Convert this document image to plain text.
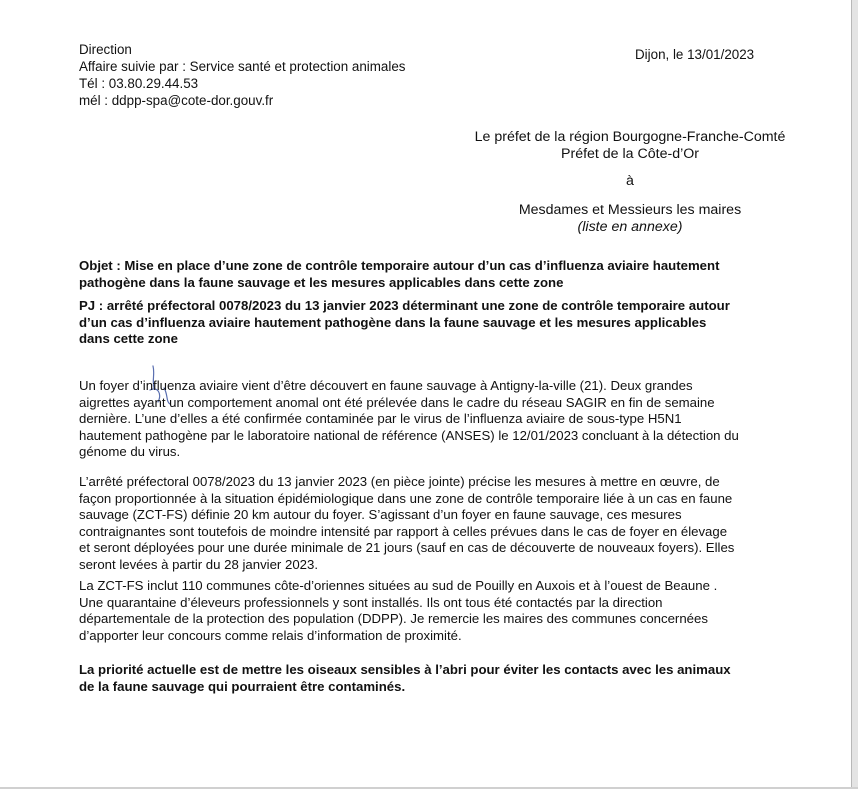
Direction
Affaire suivie par : Service santé et protection animales
Tél : 03.80.29.44.53
mél : ddpp-spa@cote-dor.gouv.fr
Dijon, le 13/01/2023
Le préfet de la région Bourgogne-Franche-Comté
Préfet de la Côte-d’Or
à
Mesdames et Messieurs les maires
(liste en annexe)
Objet : Mise en place d’une zone de contrôle temporaire autour d’un cas d’influenza aviaire hautement
pathogène dans la faune sauvage et les mesures applicables dans cette zone
PJ : arrêté préfectoral 0078/2023 du 13 janvier 2023 déterminant une zone de contrôle temporaire autour
d’un cas d’influenza aviaire hautement pathogène dans la faune sauvage et les mesures applicables
dans cette zone
Un foyer d’influenza aviaire vient d’être découvert en faune sauvage à Antigny-la-ville (21). Deux grandes
aigrettes ayant un comportement anomal ont été prélevée dans le cadre du réseau SAGIR en fin de semaine
dernière. L’une d’elles a été confirmée contaminée par le virus de l’influenza aviaire de sous-type H5N1
hautement pathogène par le laboratoire national de référence (ANSES) le 12/01/2023 concluant à la détection du
génome du virus.
L’arrêté préfectoral 0078/2023 du 13 janvier 2023 (en pièce jointe) précise les mesures à mettre en œuvre, de
façon proportionnée à la situation épidémiologique dans une zone de contrôle temporaire liée à un cas en faune
sauvage (ZCT-FS) définie 20 km autour du foyer. S’agissant d’un foyer en faune sauvage, ces mesures
contraignantes sont toutefois de moindre intensité par rapport à celles prévues dans le cas de foyer en élevage
et seront déployées pour une durée minimale de 21 jours (sauf en cas de découverte de nouveaux foyers). Elles
seront levées à partir du 28 janvier 2023.
La ZCT-FS inclut 110 communes côte-d’oriennes situées au sud de Pouilly en Auxois et à l’ouest de Beaune .
Une quarantaine d’éleveurs professionnels y sont installés. Ils ont tous été contactés par la direction
départementale de la protection des population (DDPP). Je remercie les maires des communes concernées
d’apporter leur concours comme relais d’information de proximité.
La priorité actuelle est de mettre les oiseaux sensibles à l’abri pour éviter les contacts avec les animaux
de la faune sauvage qui pourraient être contaminés.
